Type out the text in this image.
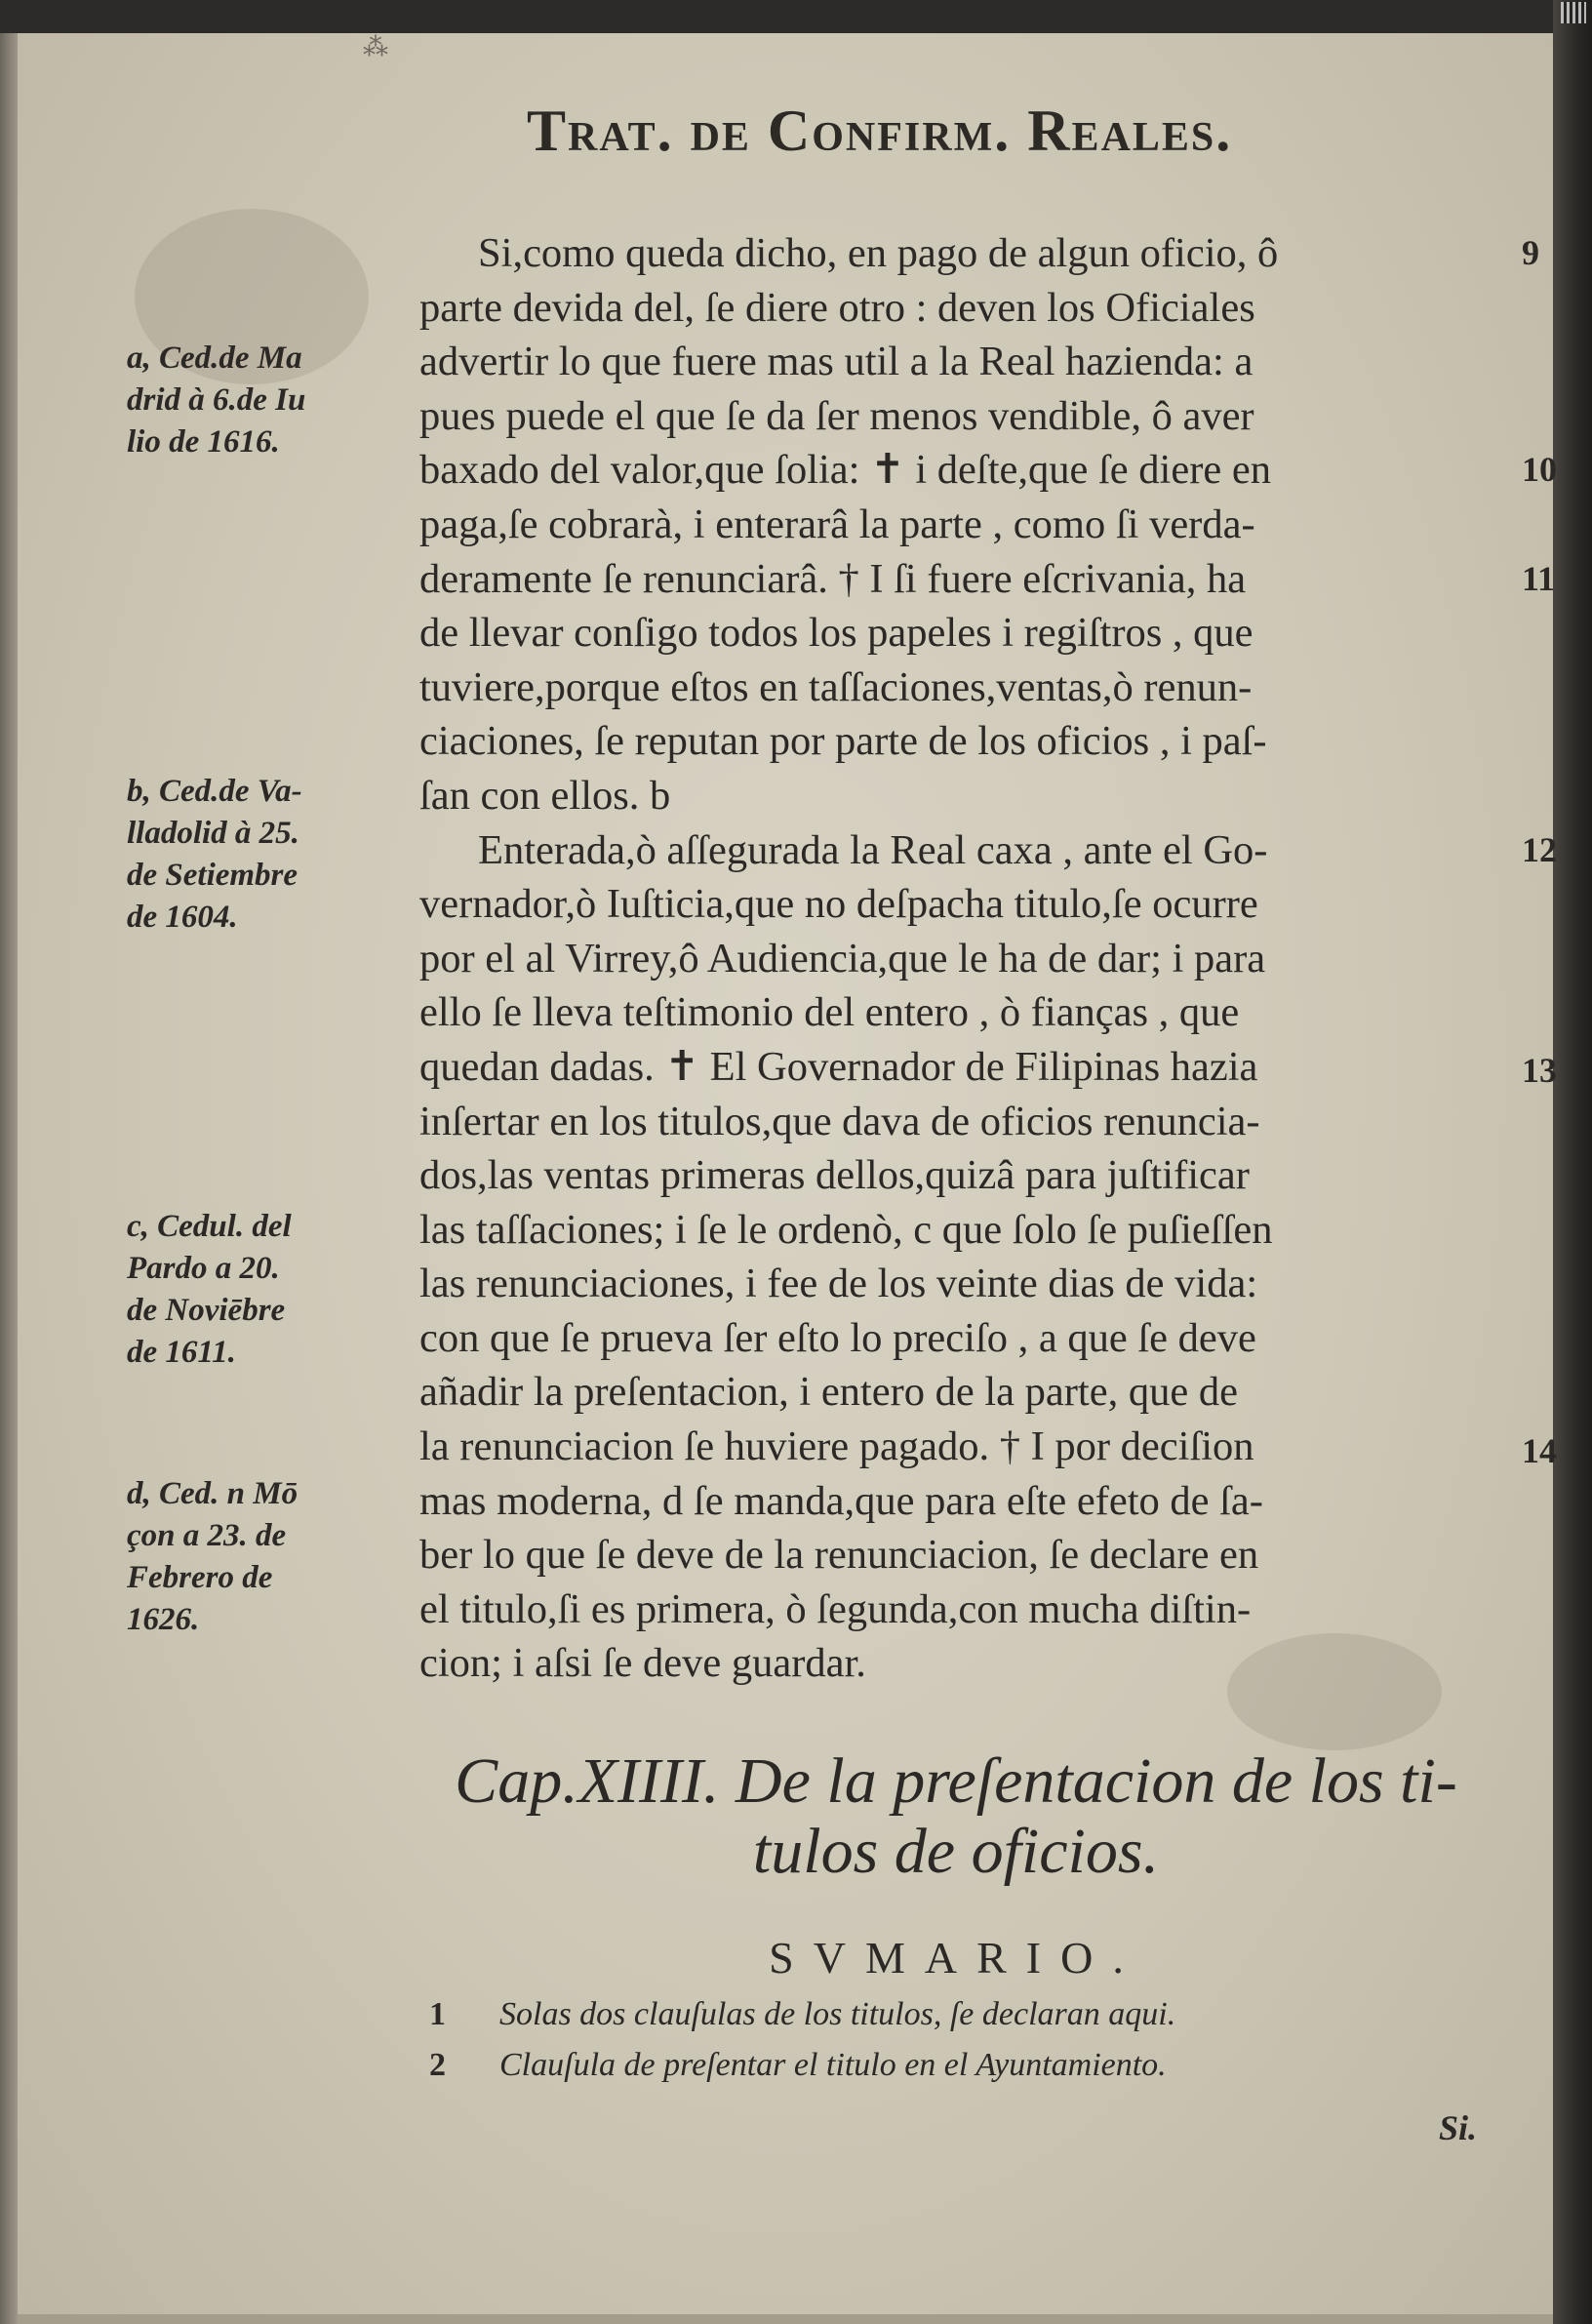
⁂
Trat. de Confirm. Reales.
Si,como queda dicho, en pago de algun oficio, ô
parte devida del, ſe diere otro : deven los Oficiales
advertir lo que fuere mas util a la Real hazienda: a
pues puede el que ſe da ſer menos vendible, ô aver
baxado del valor,que ſolia: ✝ i deſte,que ſe diere en
paga,ſe cobrarà, i enterarâ la parte , como ſi verda-
deramente ſe renunciarâ. † I ſi fuere eſcrivania, ha
de llevar conſigo todos los papeles i regiſtros , que
tuviere,porque eſtos en taſſaciones,ventas,ò renun-
ciaciones, ſe reputan por parte de los oficios , i paſ-
ſan con ellos. b
Enterada,ò aſſegurada la Real caxa , ante el Go-
vernador,ò Iuſticia,que no deſpacha titulo,ſe ocurre
por el al Virrey,ô Audiencia,que le ha de dar; i para
ello ſe lleva teſtimonio del entero , ò fianças , que
quedan dadas. ✝ El Governador de Filipinas hazia
inſertar en los titulos,que dava de oficios renuncia-
dos,las ventas primeras dellos,quizâ para juſtificar
las taſſaciones; i ſe le ordenò, c que ſolo ſe puſieſſen
las renunciaciones, i fee de los veinte dias de vida:
con que ſe prueva ſer eſto lo preciſo , a que ſe deve
añadir la preſentacion, i entero de la parte, que de
la renunciacion ſe huviere pagado. † I por deciſion
mas moderna, d ſe manda,que para eſte efeto de ſa-
ber lo que ſe deve de la renunciacion, ſe declare en
el titulo,ſi es primera, ò ſegunda,con mucha diſtin-
cion; i aſsi ſe deve guardar.
a, Ced.de Ma
drid à 6.de Iu
lio de 1616.
b, Ced.de Va-
lladolid à 25.
de Setiembre
de 1604.
c, Cedul. del
Pardo a 20.
de Noviēbre
de 1611.
d, Ced. n Mō
çon a 23. de
Febrero de
1626.
9
10
11
12
13
14
Cap.XIIII. De la preſentacion de los ti-
tulos de oficios.
SVMARIO.
1 Solas dos clauſulas de los titulos, ſe declaran aqui.
2 Clauſula de preſentar el titulo en el Ayuntamiento.
Si.
